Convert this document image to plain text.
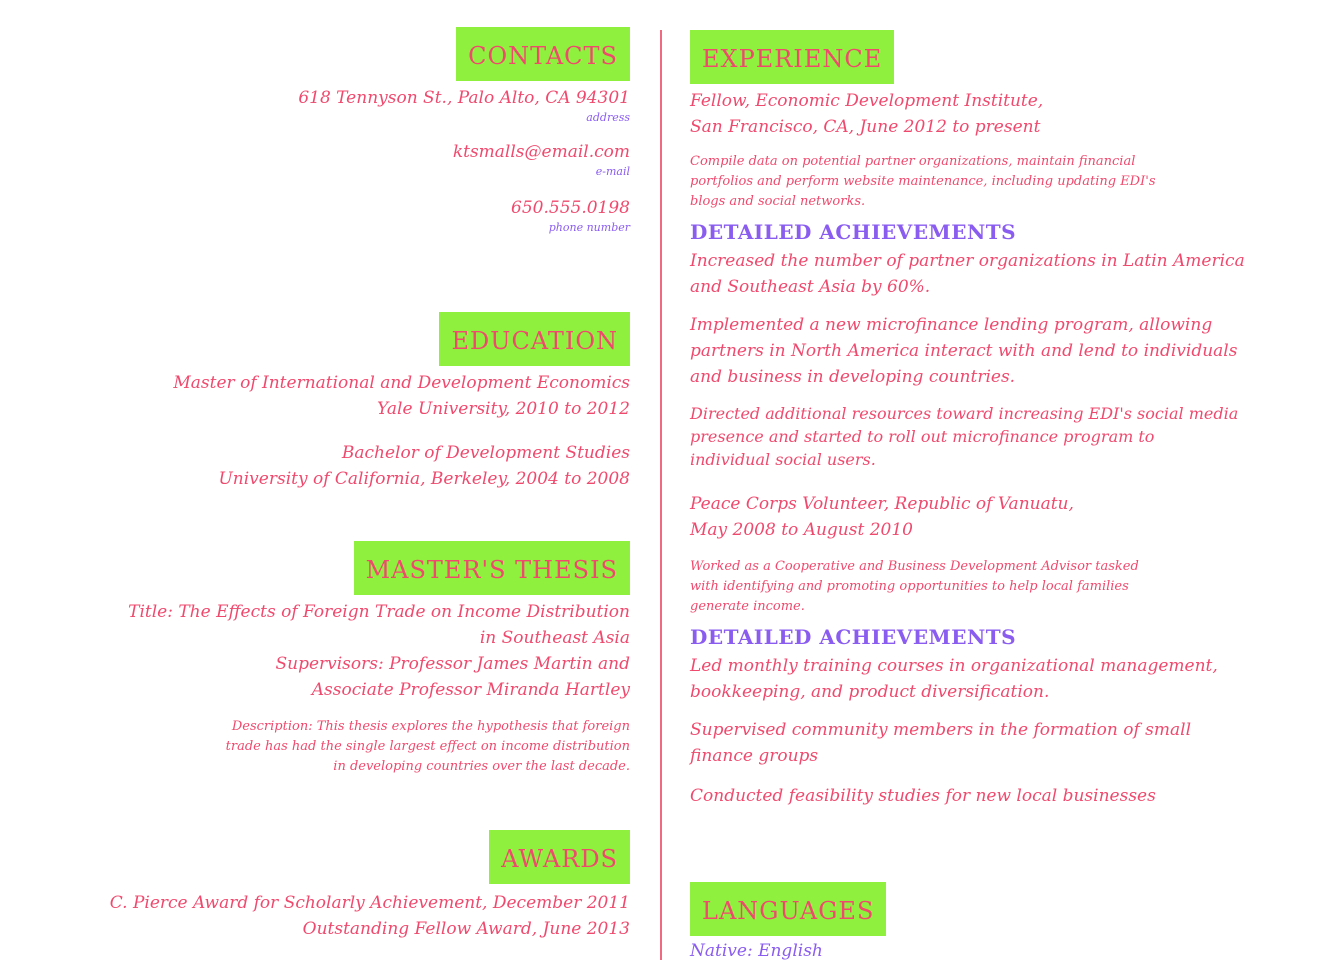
CONTACTS
618 Tennyson St., Palo Alto, CA 94301
address
ktsmalls@email.com
e-mail
650.555.0198
phone number
EDUCATION
Master of International and Development Economics
Yale University, 2010 to 2012
Bachelor of Development Studies
University of California, Berkeley, 2004 to 2008
MASTER'S THESIS
Title: The Effects of Foreign Trade on Income Distribution
in Southeast Asia
Supervisors: Professor James Martin and
Associate Professor Miranda Hartley
Description: This thesis explores the hypothesis that foreign
trade has had the single largest effect on income distribution
in developing countries over the last decade.
AWARDS
C. Pierce Award for Scholarly Achievement, December 2011
Outstanding Fellow Award, June 2013
EXPERIENCE
Fellow, Economic Development Institute,
San Francisco, CA, June 2012 to present
Compile data on potential partner organizations, maintain financial
portfolios and perform website maintenance, including updating EDI's
blogs and social networks.
DETAILED ACHIEVEMENTS
Increased the number of partner organizations in Latin America
and Southeast Asia by 60%.
Implemented a new microfinance lending program, allowing
partners in North America interact with and lend to individuals
and business in developing countries.
Directed additional resources toward increasing EDI's social media
presence and started to roll out microfinance program to
individual social users.
Peace Corps Volunteer, Republic of Vanuatu,
May 2008 to August 2010
Worked as a Cooperative and Business Development Advisor tasked
with identifying and promoting opportunities to help local families
generate income.
DETAILED ACHIEVEMENTS
Led monthly training courses in organizational management,
bookkeeping, and product diversification.
Supervised community members in the formation of small
finance groups
Conducted feasibility studies for new local businesses
LANGUAGES
Native: English
